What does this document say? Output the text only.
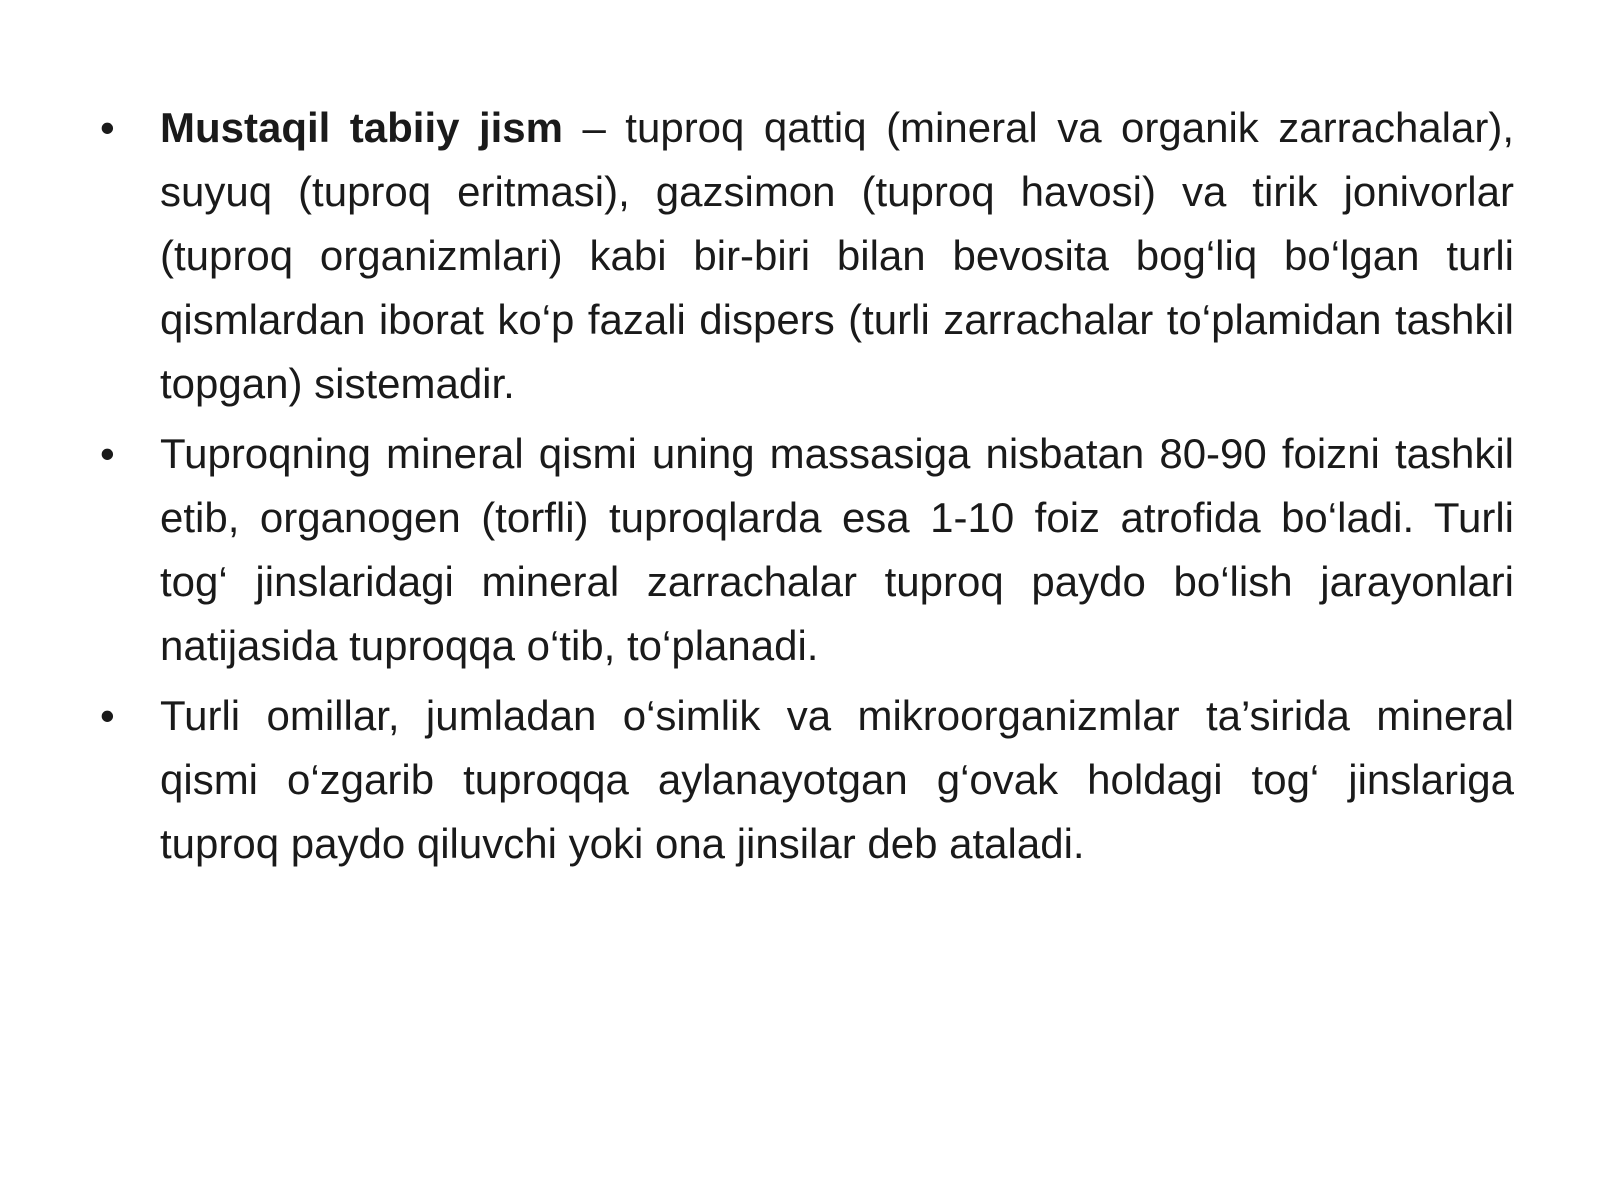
•	Mustaqil tabiiy jism – tuproq qattiq (mineral va organik zarrachalar), suyuq (tuproq eritmasi), gazsimon (tuproq havosi) va tirik jonivorlar (tuproq organizmlari) kabi bir-biri bilan bevosita bog‘liq bo‘lgan turli qismlardan iborat ko‘p fazali dispers (turli zarrachalar to‘plamidan tashkil topgan) sistemadir.
•	Tuproqning mineral qismi uning massasiga nisbatan 80-90 foizni tashkil etib, organogen (torfli) tuproqlarda esa 1-10 foiz atrofida bo‘ladi. Turli tog‘ jinslaridagi mineral zarrachalar tuproq paydo bo‘lish jarayonlari natijasida tuproqqa o‘tib, to‘planadi.
•	Turli omillar, jumladan o‘simlik va mikroorganizmlar ta’sirida mineral qismi o‘zgarib tuproqqa aylanayotgan g‘ovak holdagi tog‘ jinslariga tuproq paydo qiluvchi yoki ona jinsilar deb ataladi.
